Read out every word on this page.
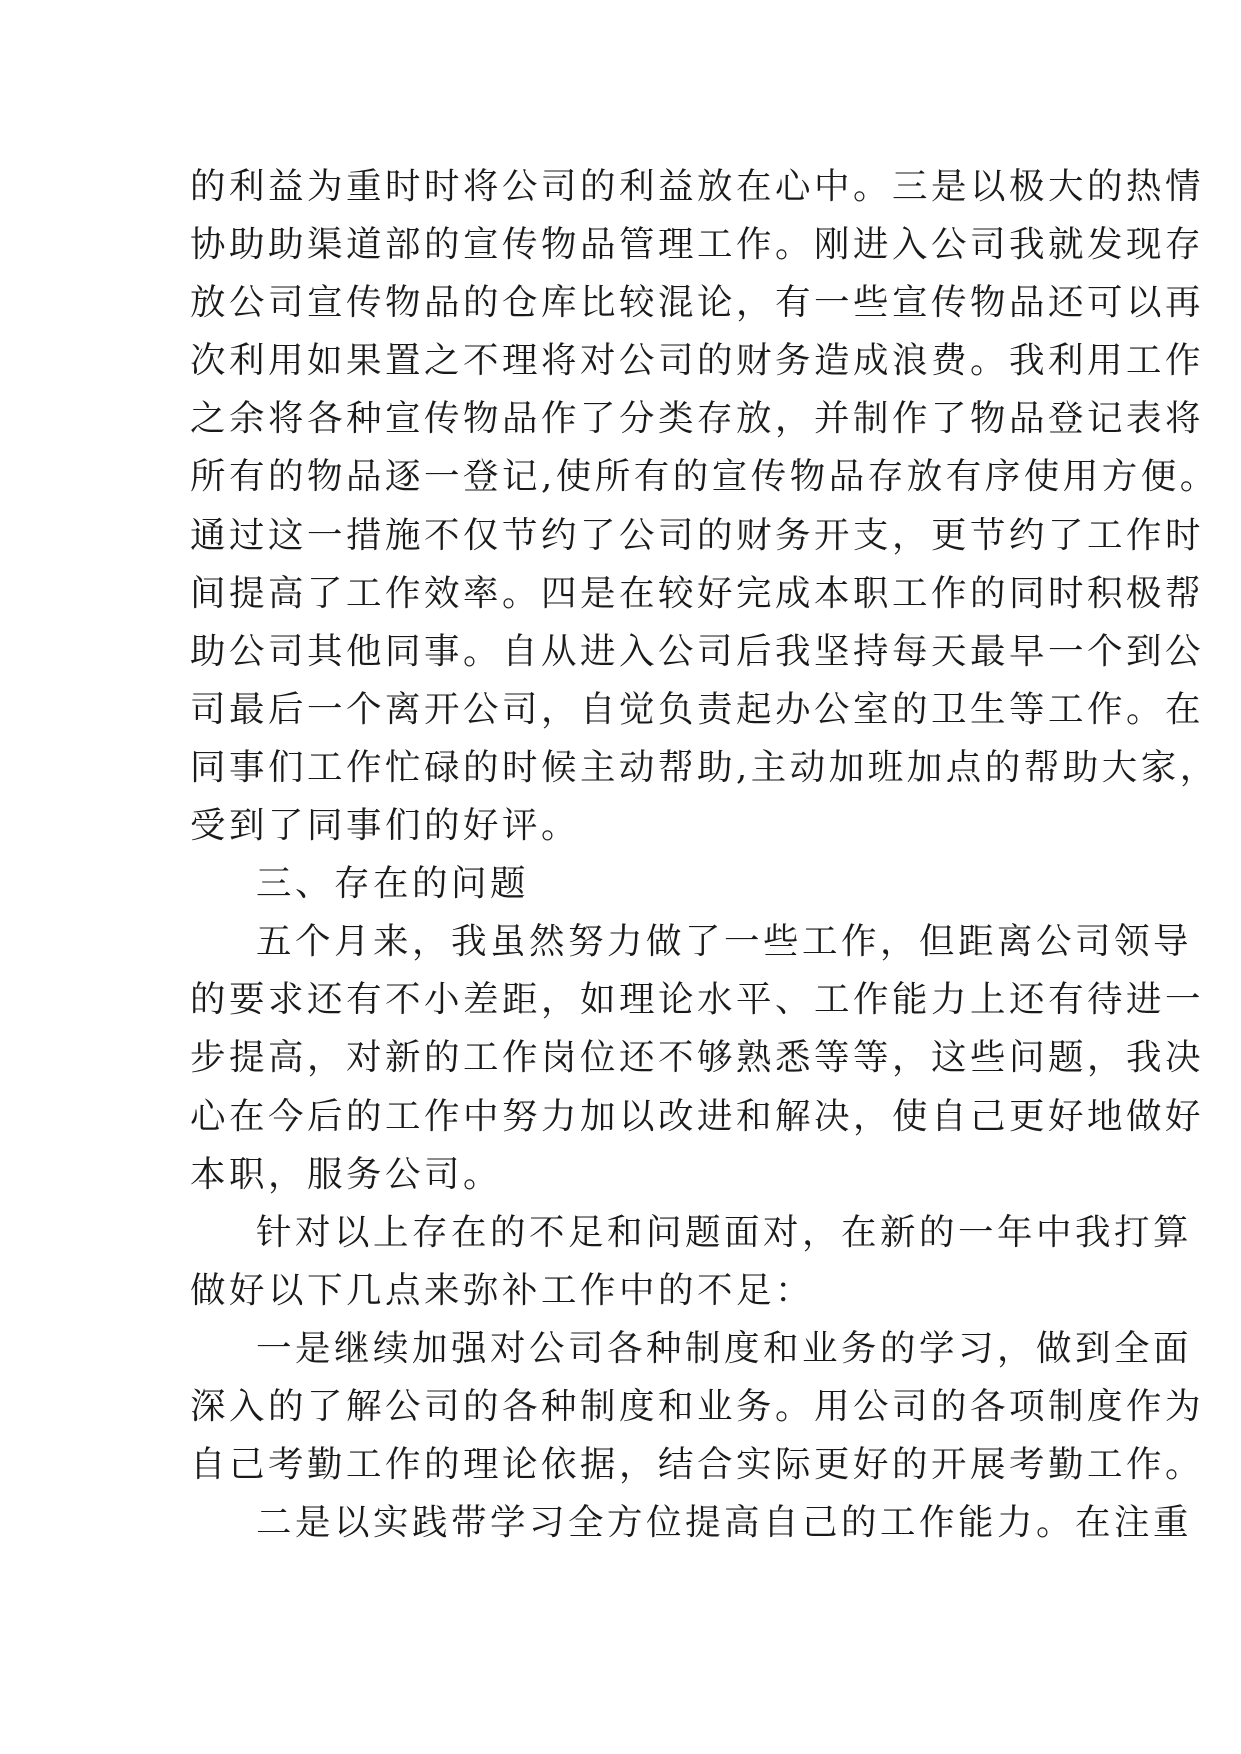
的利益为重时时将公司的利益放在心中。三是以极大的热情
协助助渠道部的宣传物品管理工作。刚进入公司我就发现存
放公司宣传物品的仓库比较混论，有一些宣传物品还可以再
次利用如果置之不理将对公司的财务造成浪费。我利用工作
之余将各种宣传物品作了分类存放，并制作了物品登记表将
所有的物品逐一登记,使所有的宣传物品存放有序使用方便。
通过这一措施不仅节约了公司的财务开支，更节约了工作时
间提高了工作效率。四是在较好完成本职工作的同时积极帮
助公司其他同事。自从进入公司后我坚持每天最早一个到公
司最后一个离开公司，自觉负责起办公室的卫生等工作。在
同事们工作忙碌的时候主动帮助,主动加班加点的帮助大家，
受到了同事们的好评。
三、存在的问题
五个月来，我虽然努力做了一些工作，但距离公司领导
的要求还有不小差距，如理论水平、工作能力上还有待进一
步提高，对新的工作岗位还不够熟悉等等，这些问题，我决
心在今后的工作中努力加以改进和解决，使自己更好地做好
本职，服务公司。
针对以上存在的不足和问题面对，在新的一年中我打算
做好以下几点来弥补工作中的不足：
一是继续加强对公司各种制度和业务的学习，做到全面
深入的了解公司的各种制度和业务。用公司的各项制度作为
自己考勤工作的理论依据，结合实际更好的开展考勤工作。
二是以实践带学习全方位提高自己的工作能力。在注重
